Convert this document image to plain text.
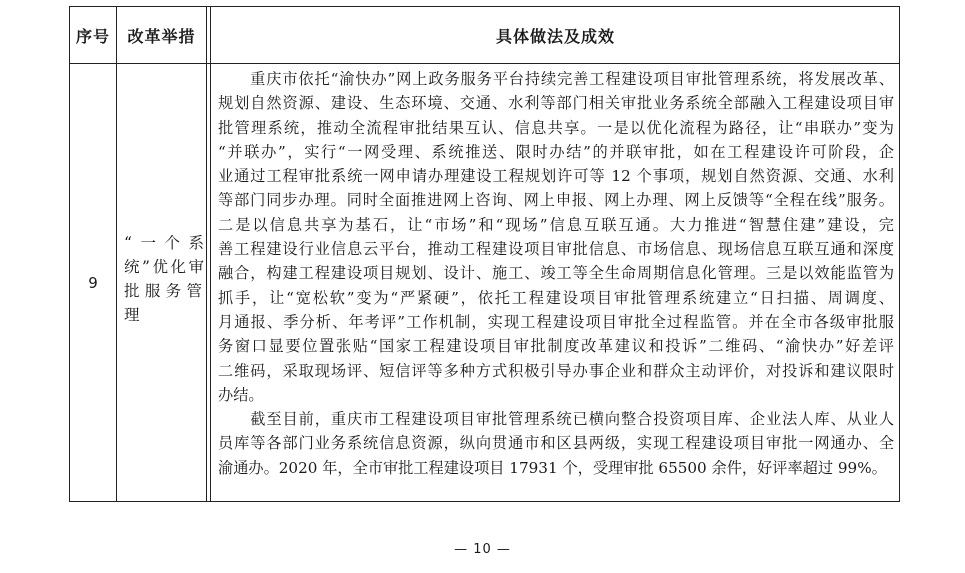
序号	改革举措	具体做法及成效
9
“一个系
统”优化审
批服务管
理
　　重庆市依托“渝快办”网上政务服务平台持续完善工程建设项目审批管理系统，将发展改革、
规划自然资源、建设、生态环境、交通、水利等部门相关审批业务系统全部融入工程建设项目审
批管理系统，推动全流程审批结果互认、信息共享。一是以优化流程为路径，让“串联办”变为
“并联办”，实行“一网受理、系统推送、限时办结”的并联审批，如在工程建设许可阶段，企
业通过工程审批系统一网申请办理建设工程规划许可等 12 个事项，规划自然资源、交通、水利
等部门同步办理。同时全面推进网上咨询、网上申报、网上办理、网上反馈等“全程在线”服务。
二是以信息共享为基石，让“市场”和“现场”信息互联互通。大力推进“智慧住建”建设，完
善工程建设行业信息云平台，推动工程建设项目审批信息、市场信息、现场信息互联互通和深度
融合，构建工程建设项目规划、设计、施工、竣工等全生命周期信息化管理。三是以效能监管为
抓手，让“宽松软”变为“严紧硬”，依托工程建设项目审批管理系统建立“日扫描、周调度、
月通报、季分析、年考评”工作机制，实现工程建设项目审批全过程监管。并在全市各级审批服
务窗口显要位置张贴“国家工程建设项目审批制度改革建议和投诉”二维码、“渝快办”好差评
二维码，采取现场评、短信评等多种方式积极引导办事企业和群众主动评价，对投诉和建议限时
办结。
　　截至目前，重庆市工程建设项目审批管理系统已横向整合投资项目库、企业法人库、从业人
员库等各部门业务系统信息资源，纵向贯通市和区县两级，实现工程建设项目审批一网通办、全
渝通办。2020 年，全市审批工程建设项目 17931 个，受理审批 65500 余件，好评率超过 99%。
— 10 —
